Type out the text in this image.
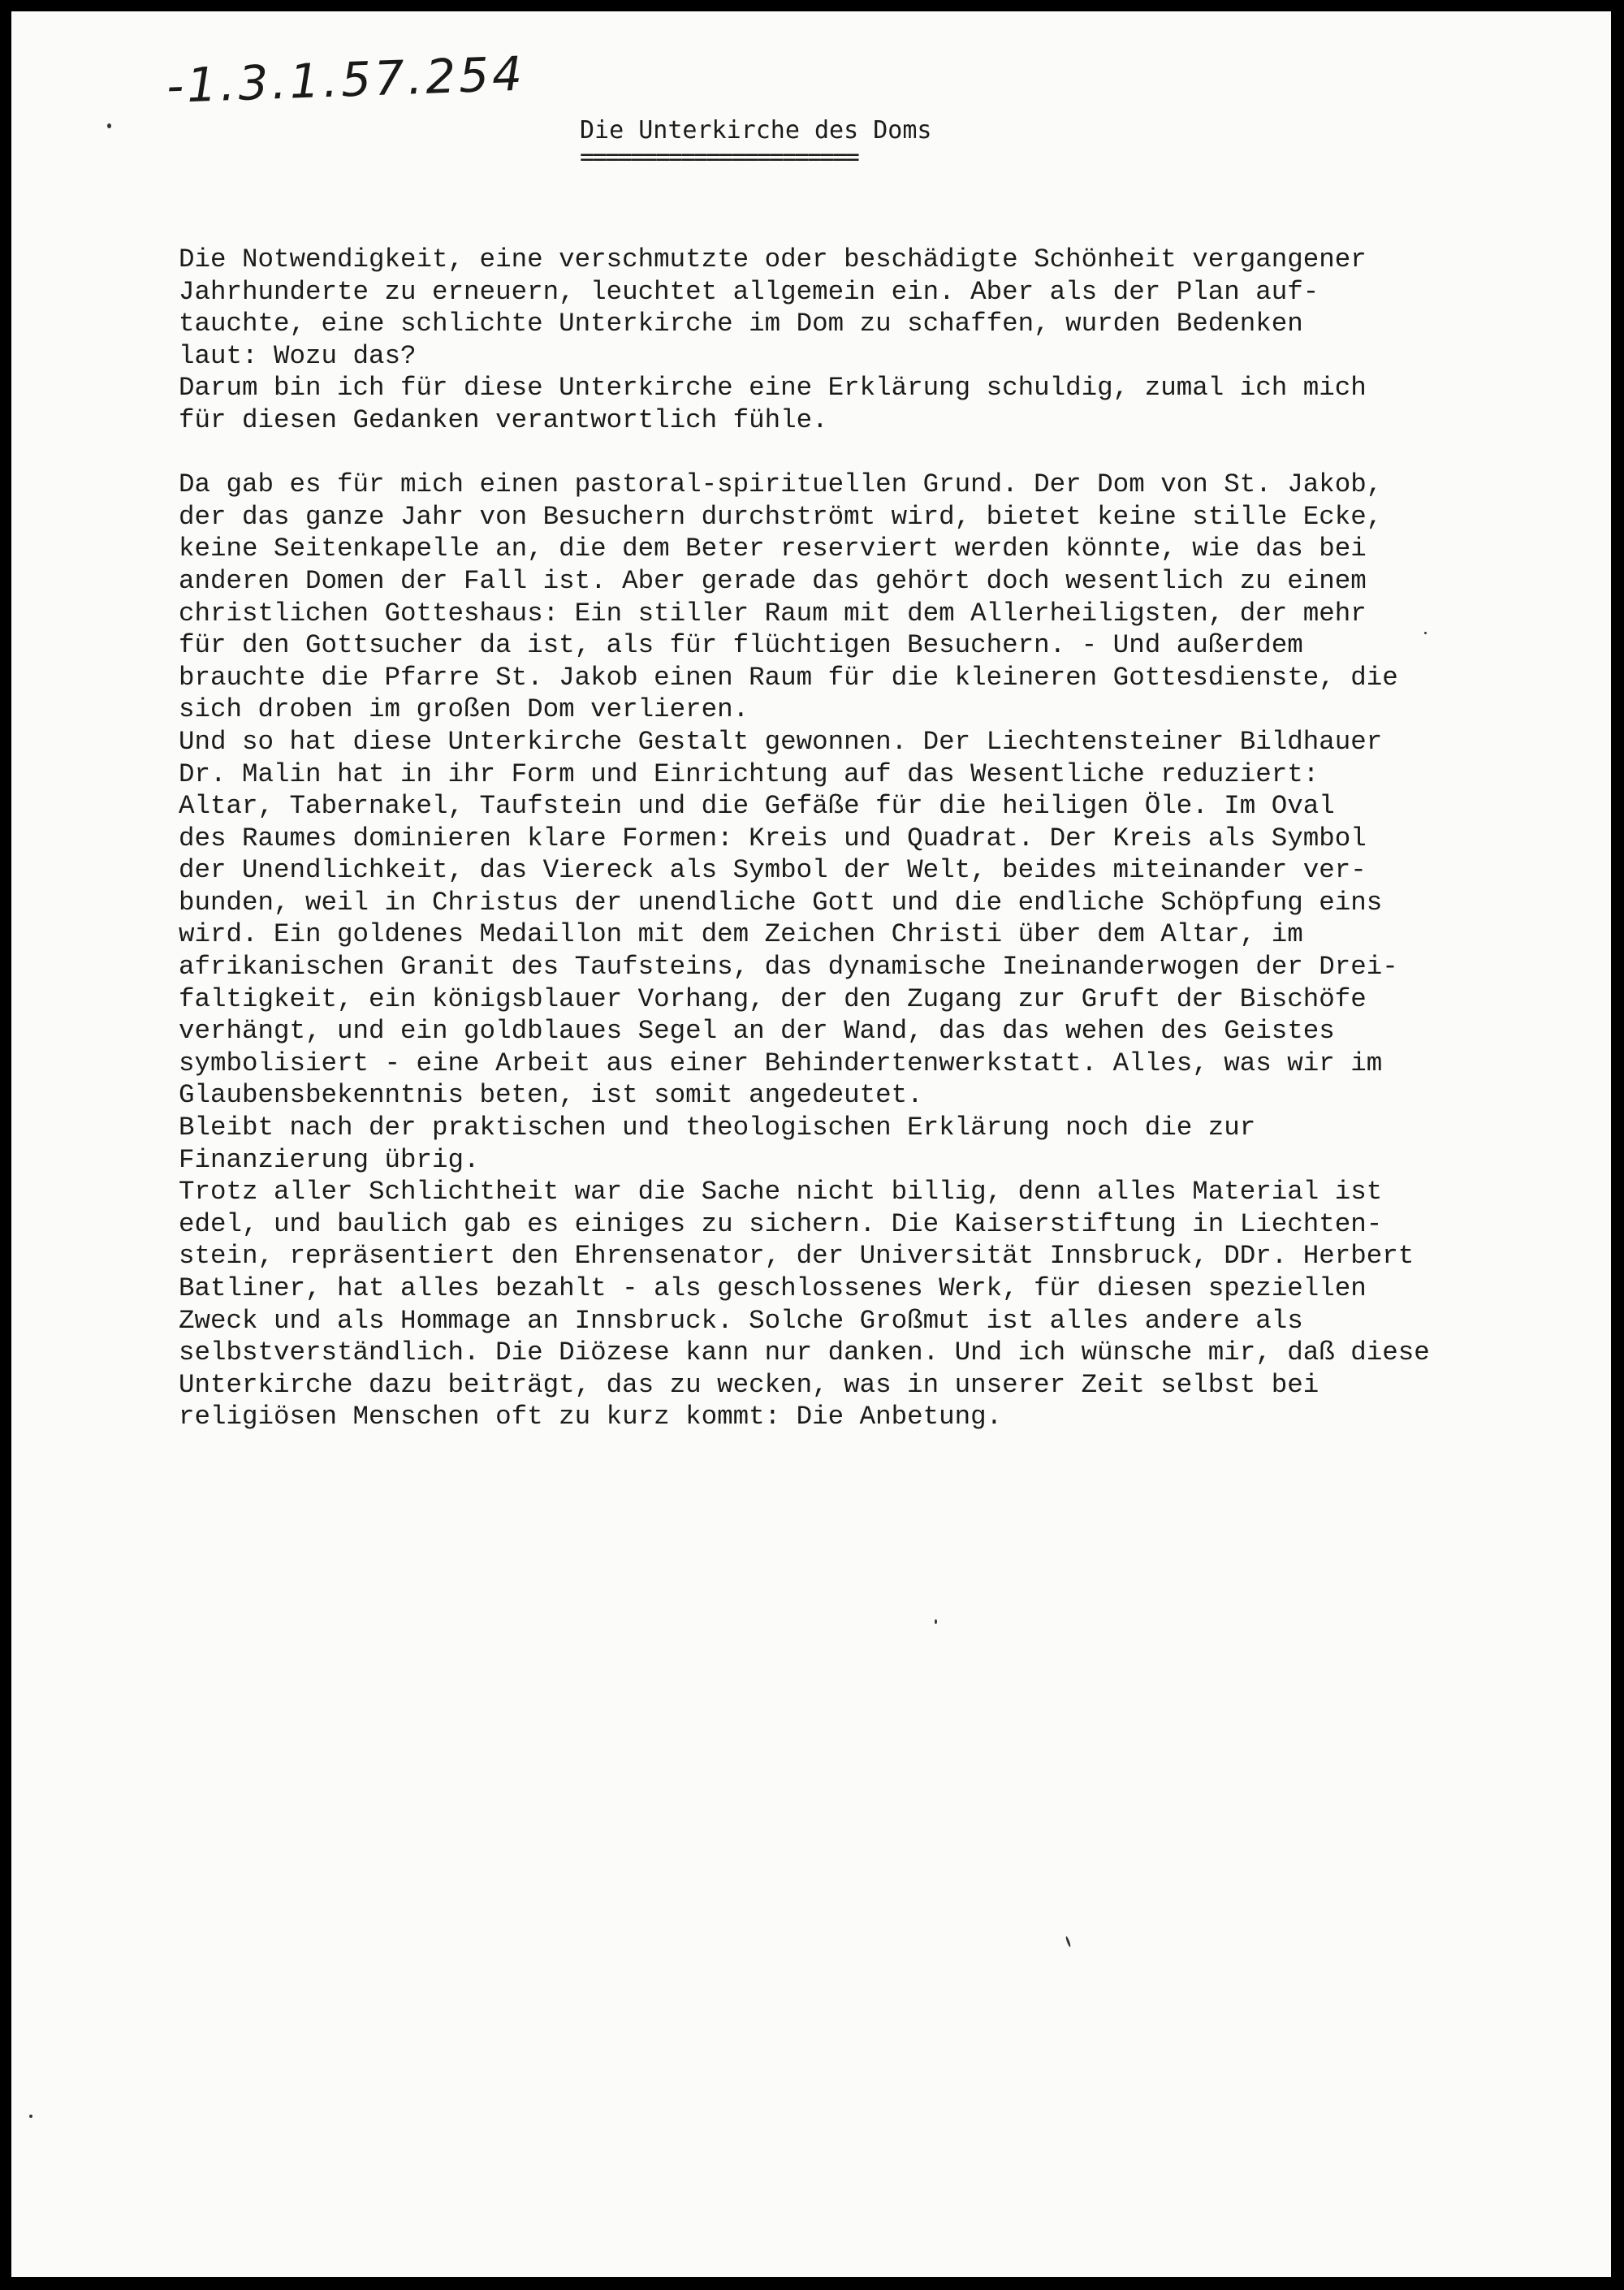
-1.3.1.57.254
Die Unterkirche des Doms
======================
Die Notwendigkeit, eine verschmutzte oder beschädigte Schönheit vergangener
Jahrhunderte zu erneuern, leuchtet allgemein ein. Aber als der Plan auf-
tauchte, eine schlichte Unterkirche im Dom zu schaffen, wurden Bedenken
laut: Wozu das?
Darum bin ich für diese Unterkirche eine Erklärung schuldig, zumal ich mich
für diesen Gedanken verantwortlich fühle.
Da gab es für mich einen pastoral-spirituellen Grund. Der Dom von St. Jakob,
der das ganze Jahr von Besuchern durchströmt wird, bietet keine stille Ecke,
keine Seitenkapelle an, die dem Beter reserviert werden könnte, wie das bei
anderen Domen der Fall ist. Aber gerade das gehört doch wesentlich zu einem
christlichen Gotteshaus: Ein stiller Raum mit dem Allerheiligsten, der mehr
für den Gottsucher da ist, als für flüchtigen Besuchern. - Und außerdem
brauchte die Pfarre St. Jakob einen Raum für die kleineren Gottesdienste, die
sich droben im großen Dom verlieren.
Und so hat diese Unterkirche Gestalt gewonnen. Der Liechtensteiner Bildhauer
Dr. Malin hat in ihr Form und Einrichtung auf das Wesentliche reduziert:
Altar, Tabernakel, Taufstein und die Gefäße für die heiligen Öle. Im Oval
des Raumes dominieren klare Formen: Kreis und Quadrat. Der Kreis als Symbol
der Unendlichkeit, das Viereck als Symbol der Welt, beides miteinander ver-
bunden, weil in Christus der unendliche Gott und die endliche Schöpfung eins
wird. Ein goldenes Medaillon mit dem Zeichen Christi über dem Altar, im
afrikanischen Granit des Taufsteins, das dynamische Ineinanderwogen der Drei-
faltigkeit, ein königsblauer Vorhang, der den Zugang zur Gruft der Bischöfe
verhängt, und ein goldblaues Segel an der Wand, das das wehen des Geistes
symbolisiert - eine Arbeit aus einer Behindertenwerkstatt. Alles, was wir im
Glaubensbekenntnis beten, ist somit angedeutet.
Bleibt nach der praktischen und theologischen Erklärung noch die zur
Finanzierung übrig.
Trotz aller Schlichtheit war die Sache nicht billig, denn alles Material ist
edel, und baulich gab es einiges zu sichern. Die Kaiserstiftung in Liechten-
stein, repräsentiert den Ehrensenator, der Universität Innsbruck, DDr. Herbert
Batliner, hat alles bezahlt - als geschlossenes Werk, für diesen speziellen
Zweck und als Hommage an Innsbruck. Solche Großmut ist alles andere als
selbstverständlich. Die Diözese kann nur danken. Und ich wünsche mir, daß diese
Unterkirche dazu beiträgt, das zu wecken, was in unserer Zeit selbst bei
religiösen Menschen oft zu kurz kommt: Die Anbetung.
